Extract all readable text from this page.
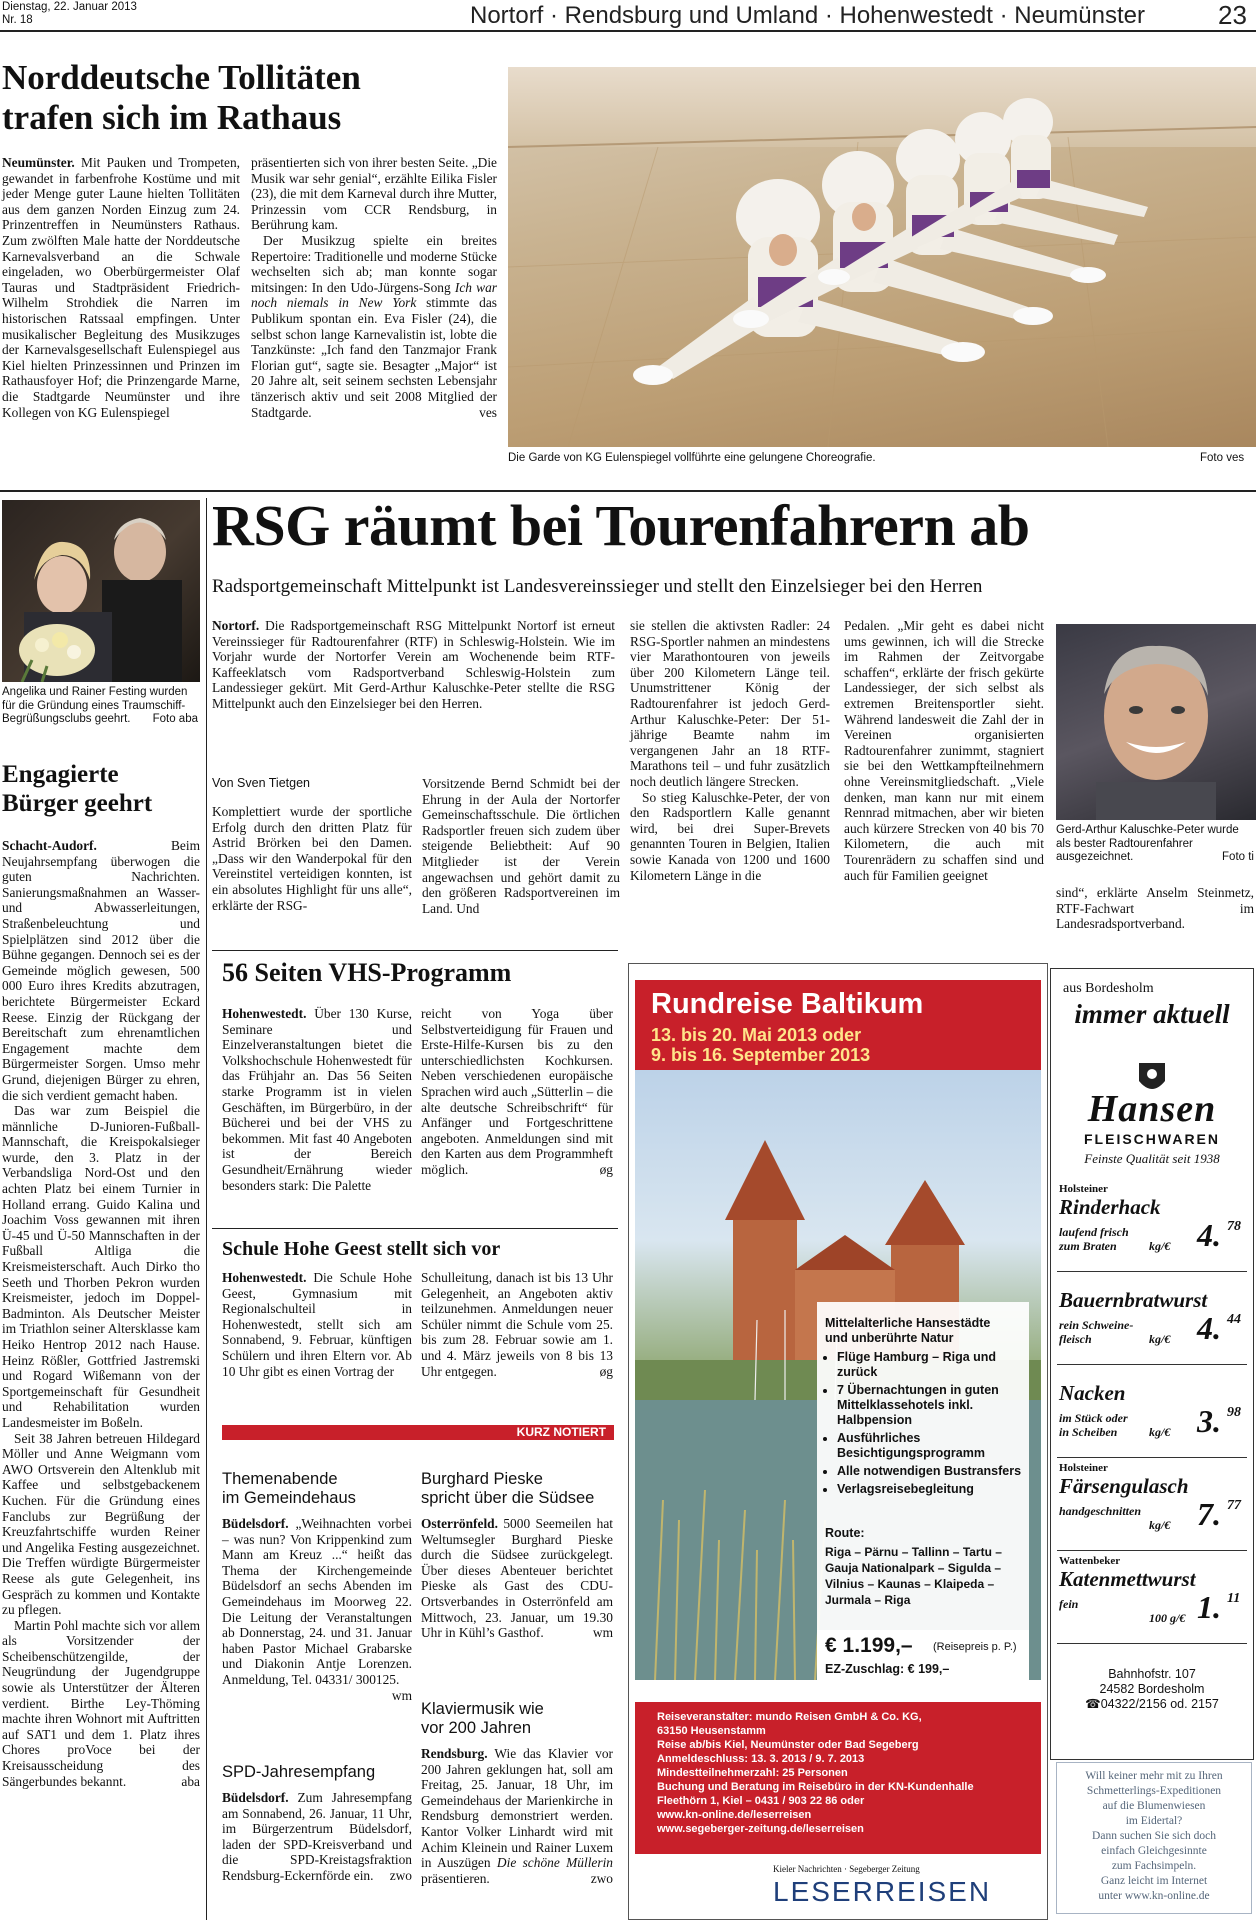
Dienstag, 22. Januar 2013
Nr. 18	Nortorf · Rendsburg und Umland · Hohenwestedt · Neumünster	23
Norddeutsche Tollitäten
trafen sich im Rathaus

Neumünster. Mit Pauken und Trompeten, gewandet in farbenfrohe Kostüme und mit jeder Menge guter Laune hielten Tollitäten aus dem ganzen Norden Einzug zum 24. Prinzentreffen in Neumünsters Rathaus. Zum zwölften Male hatte der Norddeutsche Karnevalsverband an die Schwale eingeladen, wo Oberbürgermeister Olaf Tauras und Stadtpräsident Friedrich-Wilhelm Strohdiek die Narren im historischen Ratssaal empfingen. Unter musikalischer Begleitung des Musikzuges der Karnevalsgesellschaft Eulenspiegel aus Kiel hielten Prinzessinnen und Prinzen im Rathausfoyer Hof; die Prinzengarde Marne, die Stadtgarde Neumünster und ihre Kollegen von KG Eulenspiegel

präsentierten sich von ihrer besten Seite. „Die Musik war sehr genial“, erzählte Eilika Fisler (23), die mit dem Karneval durch ihre Mutter, Prinzessin vom CCR Rendsburg, in Berührung kam.

Der Musikzug spielte ein breites Repertoire: Traditionelle und moderne Stücke wechselten sich ab; man konnte sogar mitsingen: In den Udo-Jürgens-Song Ich war noch niemals in New York stimmte das Publikum spontan ein. Eva Fisler (24), die selbst schon lange Karnevalistin ist, lobte die Tanzkünste: „Ich fand den Tanzmajor Frank Florian gut“, sagte sie. Besagter „Major“ ist 20 Jahre alt, seit seinem sechsten Lebensjahr tänzerisch aktiv und seit 2008 Mitglied der Stadtgarde.	ves

Die Garde von KG Eulenspiegel vollführte eine gelungene Choreografie.	Foto ves
Angelika und Rainer Festing wurden für die Gründung eines Traumschiff-Begrüßungsclubs geehrt. Foto aba
Engagierte
Bürger geehrt

Schacht-Audorf.	Beim Neujahrsempfang überwogen die guten Nachrichten. Sanierungsmaßnahmen an Wasser- und Abwasserleitungen, Straßenbeleuchtung und Spielplätzen sind 2012 über die Bühne gegangen. Dennoch sei es der Gemeinde möglich gewesen, 500 000 Euro ihres Kredits abzutragen, berichtete Bürgermeister Eckard Reese. Einzig der Rückgang der Bereitschaft zum ehrenamtlichen Engagement machte dem Bürgermeister Sorgen. Umso mehr Grund, diejenigen Bürger zu ehren, die sich verdient gemacht haben.

Das war zum Beispiel die männliche D-Junioren-Fußball-Mannschaft, die Kreispokalsieger wurde, den 3. Platz in der Verbandsliga Nord-Ost und den achten Platz bei einem Turnier in Holland errang. Guido Kalina und Joachim Voss gewannen mit ihren Ü-45 und Ü-50 Mannschaften in der Fußball Altliga die Kreismeisterschaft. Auch Dirko tho Seeth und Thorben Pekron wurden Kreismeister, jedoch im Doppel-Badminton. Als Deutscher Meister im Triathlon seiner Altersklasse kam Heiko Hentrop 2012 nach Hause. Heinz Rößler, Gottfried Jastremski und Rogard Wißemann von der Sportgemeinschaft für Gesundheit und Rehabilitation wurden Landesmeister im Boßeln.

Seit 38 Jahren betreuen Hildegard Möller und Anne Weigmann vom AWO Ortsverein den Altenklub mit Kaffee und selbstgebackenem Kuchen. Für die Gründung eines Fanclubs zur Begrüßung der Kreuzfahrtschiffe wurden Reiner und Angelika Festing ausgezeichnet. Die Treffen würdigte Bürgermeister Reese als gute Gelegenheit, ins Gespräch zu kommen und Kontakte zu pflegen.

Martin Pohl machte sich vor allem als Vorsitzender der Scheibenschützengilde, der Neugründung der Jugendgruppe sowie als Unterstützer der Älteren verdient. Birthe Ley-Thöming machte ihren Wohnort mit Auftritten auf SAT1 und dem 1. Platz ihres Chores proVoce bei der Kreisausscheidung des Sängerbundes bekannt.	aba

RSG räumt bei Tourenfahrern ab
Radsportgemeinschaft Mittelpunkt ist Landesvereinssieger und stellt den Einzelsieger bei den Herren

Nortorf. Die Radsportgemeinschaft RSG Mittelpunkt Nortorf ist erneut Vereinssieger für Radtourenfahrer (RTF) in Schleswig-Holstein. Wie im Vorjahr wurde der Nortorfer Verein am Wochenende beim RTF-Kaffeeklatsch vom Radsportverband Schleswig-Holstein zum Landessieger gekürt. Mit Gerd-Arthur Kaluschke-Peter stellte die RSG Mittelpunkt auch den Einzelsieger bei den Herren.

Von Sven Tietgen

Komplettiert wurde der sportliche Erfolg durch den dritten Platz für Astrid Brörken bei den Damen. „Dass wir den Wanderpokal für den Vereinstitel verteidigen konnten, ist ein absolutes Highlight für uns alle“, erklärte der RSG-

Vorsitzende Bernd Schmidt bei der Ehrung in der Aula der Nortorfer Gemeinschaftsschule. Die örtlichen Radsportler freuen sich zudem über steigende Beliebtheit: Auf 90 Mitglieder ist der Verein angewachsen und gehört damit zu den größeren Radsportvereinen im Land. Und

sie stellen die aktivsten Radler: 24 RSG-Sportler nahmen an mindestens vier Marathontouren von jeweils über 200 Kilometern Länge teil. Unumstrittener König der Radtourenfahrer ist jedoch Gerd-Arthur Kaluschke-Peter: Der 51-jährige Beamte nahm im vergangenen Jahr an 18 RTF-Marathons teil – und fuhr zusätzlich noch deutlich längere Strecken.

So stieg Kaluschke-Peter, der von den Radsportlern Kalle genannt wird, bei drei Super-Brevets genannten Touren in Belgien, Italien sowie Kanada von 1200 und 1600 Kilometern Länge in die

Pedalen. „Mir geht es dabei nicht ums gewinnen, ich will die Strecke im Rahmen der Zeitvorgabe schaffen“, erklärte der frisch gekürte Landessieger, der sich selbst als extremen Breitensportler sieht. Während landesweit die Zahl der in Vereinen organisierten Radtourenfahrer zunimmt, stagniert sie bei den Wettkampfteilnehmern ohne Vereinsmitgliedschaft. „Viele denken, man kann nur mit einem Rennrad mitmachen, aber wir bieten auch kürzere Strecken von 40 bis 70 Kilometern, die auch mit Tourenrädern zu schaffen sind und auch für Familien geeignet

Gerd-Arthur Kaluschke-Peter wurde als bester Radtourenfahrer ausgezeichnet.	Foto ti

sind“, erklärte Anselm Steinmetz, RTF-Fachwart im Landesradsportverband.

56 Seiten VHS-Programm

Hohenwestedt. Über 130 Kurse, Seminare und Einzelveranstaltungen bietet die Volkshochschule Hohenwestedt für das Frühjahr an. Das 56 Seiten starke Programm ist in vielen Geschäften, im Bürgerbüro, in der Bücherei und bei der VHS zu bekommen. Mit fast 40 Angeboten ist der Bereich Gesundheit/Ernährung wieder besonders stark: Die Palette

reicht von Yoga über Selbstverteidigung für Frauen und Erste-Hilfe-Kursen bis zu den unterschiedlichsten Kochkursen. Neben verschiedenen europäische Sprachen wird auch „Sütterlin – die alte deutsche Schreibschrift“ für Anfänger und Fortgeschrittene angeboten. Anmeldungen sind mit den Karten aus dem Programmheft möglich.	øg

Schule Hohe Geest stellt sich vor

Hohenwestedt. Die Schule Hohe Geest, Gymnasium mit Regionalschulteil in Hohenwestedt, stellt sich am Sonnabend, 9. Februar, künftigen Schülern und ihren Eltern vor. Ab 10 Uhr gibt es einen Vortrag der

Schulleitung, danach ist bis 13 Uhr Gelegenheit, an Angeboten aktiv teilzunehmen. Anmeldungen neuer Schüler nimmt die Schule vom 25. bis zum 28. Februar sowie am 1. und 4. März jeweils von 8 bis 13 Uhr entgegen.	øg

KURZ NOTIERT
Themenabende
im Gemeindehaus

Büdelsdorf. „Weihnachten vorbei – was nun? Von Krippenkind zum Mann am Kreuz ...“ heißt das Thema der Kirchengemeinde Büdelsdorf an sechs Abenden im Gemeindehaus im Moorweg 22. Die Leitung der Veranstaltungen ab Donnerstag, 24. und 31. Januar haben Pastor Michael Grabarske und Diakonin Antje Lorenzen. Anmeldung, Tel. 04331/ 300125.
wm

SPD-Jahresempfang

Büdelsdorf. Zum Jahresempfang am Sonnabend, 26. Januar, 11 Uhr, im Bürgerzentrum Büdelsdorf, laden der SPD-Kreisverband und die SPD-Kreistagsfraktion Rendsburg-Eckernförde ein. zwo

Burghard Pieske
spricht über die Südsee

Osterrönfeld. 5000 Seemeilen hat Weltumsegler Burghard Pieske durch die Südsee zurückgelegt. Über dieses Abenteuer berichtet Pieske als Gast des CDU-Ortsverbandes in Osterrönfeld am Mittwoch, 23. Januar, um 19.30 Uhr in Kühl’s Gasthof.	wm

Klaviermusik wie
vor 200 Jahren

Rendsburg. Wie das Klavier vor 200 Jahren geklungen hat, soll am Freitag, 25. Januar, 18 Uhr, im Gemeindehaus der Marienkirche in Rendsburg demonstriert werden. Kantor Volker Linhardt wird mit Achim Kleinein und Rainer Luxem in Auszügen Die schöne Müllerin präsentieren.	zwo

Rundreise Baltikum
13. bis 20. Mai 2013 oder
9. bis 16. September 2013
Mittelalterliche Hansestädte
und unberührte Natur
• Flüge Hamburg – Riga und zurück
• 7 Übernachtungen in guten Mittelklassehotels inkl. Halbpension
• Ausführliches Besichtigungsprogramm
• Alle notwendigen Bustransfers
• Verlagsreisebegleitung
Route:
Riga – Pärnu – Tallinn – Tartu – Gauja Nationalpark – Sigulda – Vilnius – Kaunas – Klaipeda – Jurmala – Riga
€ 1.199,– (Reisepreis p. P.)
EZ-Zuschlag: € 199,–
Reiseveranstalter: mundo Reisen GmbH & Co. KG,
63150 Heusenstamm
Reise ab/bis Kiel, Neumünster oder Bad Segeberg
Anmeldeschluss: 13. 3. 2013 / 9. 7. 2013
Mindestteilnehmerzahl: 25 Personen
Buchung und Beratung im Reisebüro in der KN-Kundenhalle
Fleethörn 1, Kiel – 0431 / 903 22 86 oder
www.kn-online.de/leserreisen
www.segeberger-zeitung.de/leserreisen
Kieler Nachrichten · Segeberger Zeitung
LESERREISEN
aus Bordesholm
immer aktuell
Hansen
FLEISCHWAREN
Feinste Qualität seit 1938
Holsteiner
Rinderhack
laufend frisch
zum Braten	kg/€ 4. 78
Bauernbratwurst
rein Schweine-
fleisch	kg/€ 4. 44
Nacken
im Stück oder
in Scheiben	kg/€ 3. 98
Holsteiner
Färsengulasch
handgeschnitten
kg/€ 7. 77
Wattenbeker
Katenmettwurst
fein
100 g/€ 1. 11
Bahnhofstr. 107
24582 Bordesholm
☎04322/2156 od. 2157
Will keiner mehr mit zu Ihren
Schmetterlings-Expeditionen
auf die Blumenwiesen
im Eidertal?
Dann suchen Sie sich doch
einfach Gleichgesinnte
zum Fachsimpeln.
Ganz leicht im Internet
unter www.kn-online.de
